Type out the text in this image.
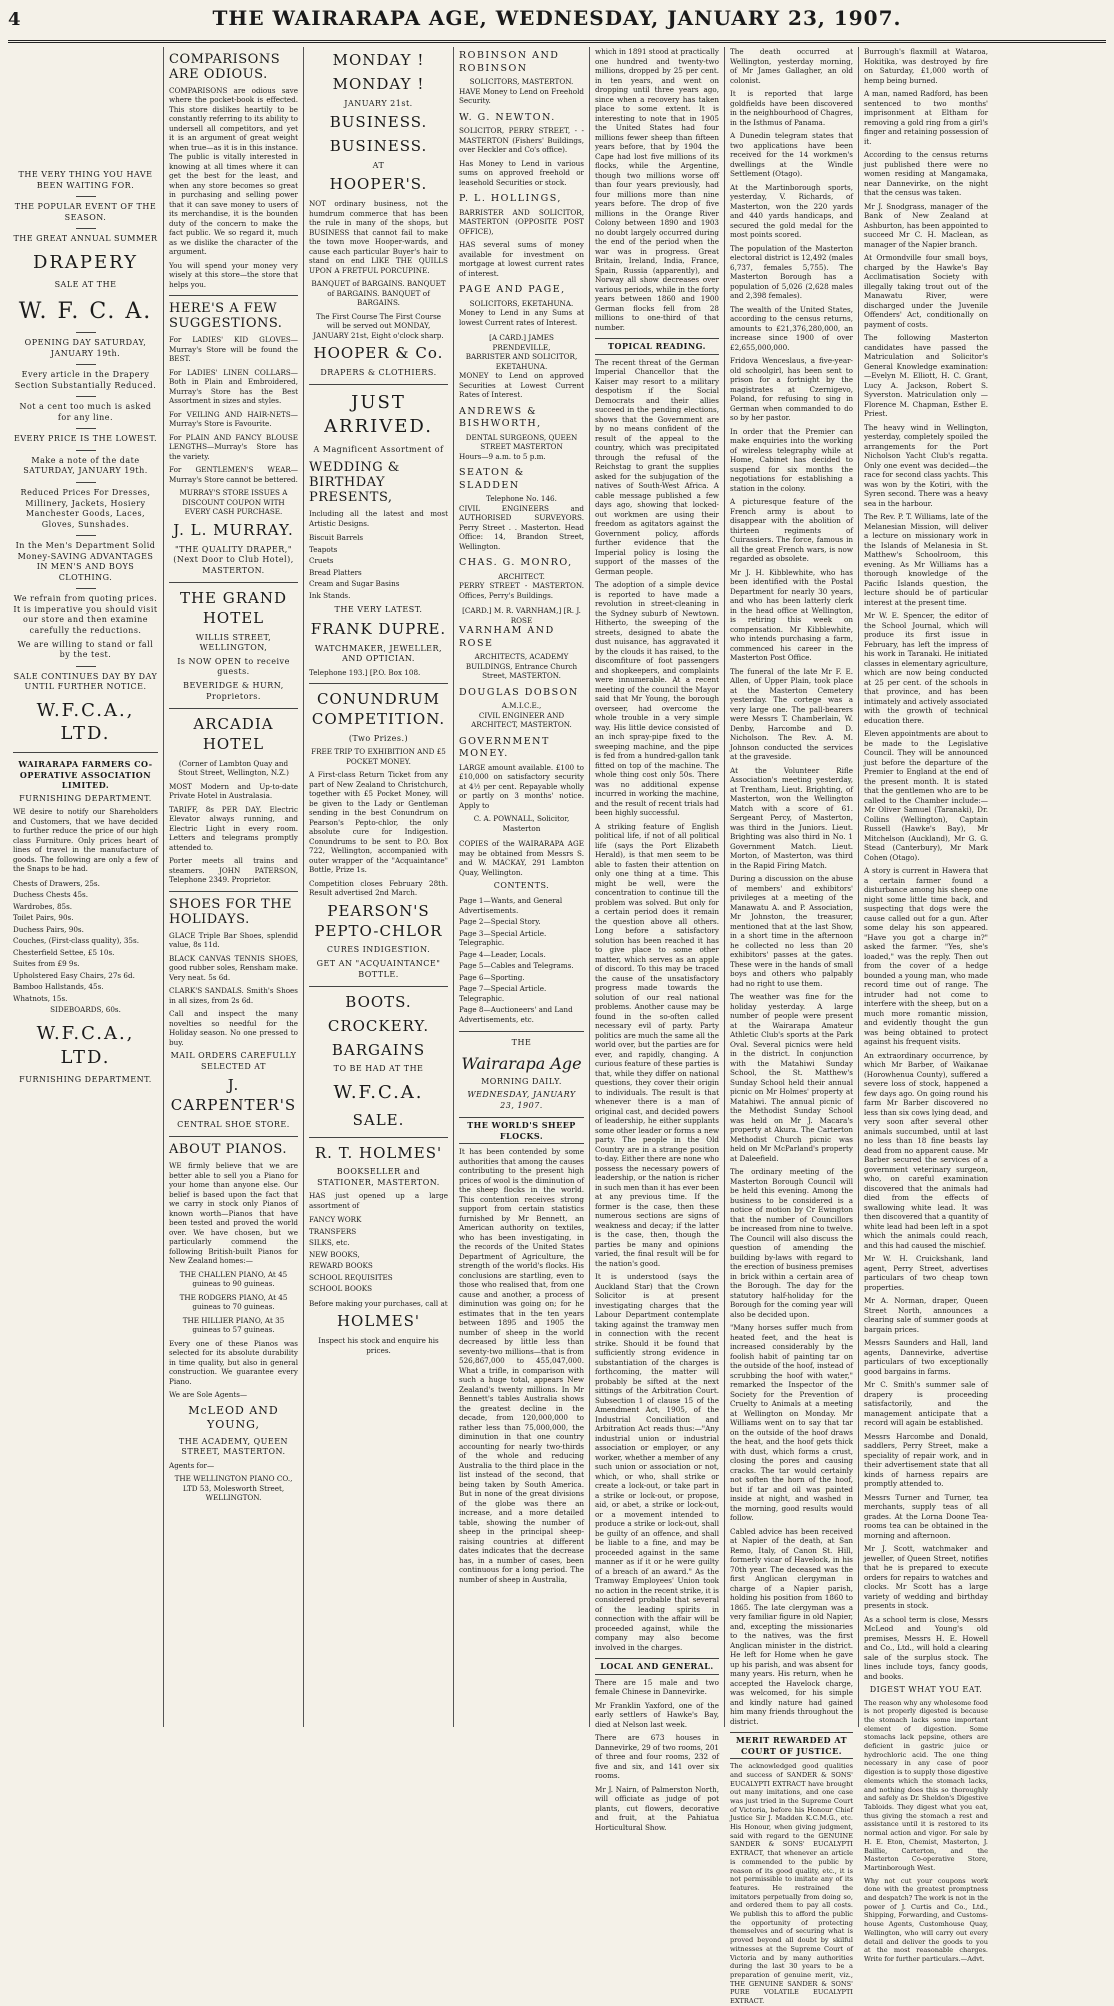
4	THE WAIRARAPA AGE, WEDNESDAY, JANUARY 23, 1907.
THE VERY THING YOU HAVE BEEN WAITING FOR.
THE POPULAR EVENT OF THE SEASON.
THE GREAT ANNUAL SUMMER
DRAPERY
SALE AT THE
W. F. C. A.
OPENING DAY SATURDAY, JANUARY 19th.
Every article in the Drapery Section Substantially Reduced.
Not a cent too much is asked for any line.
EVERY PRICE IS THE LOWEST.
Make a note of the date SATURDAY, JANUARY 19th.
Reduced Prices For Dresses, Millinery, Jackets, Hosiery Manchester Goods, Laces, Gloves, Sunshades.
In the Men's Department Solid Money-SAVING ADVANTAGES IN MEN'S AND BOYS CLOTHING.
We refrain from quoting prices. It is imperative you should visit our store and then examine carefully the reductions.
We are willing to stand or fall by the test.
SALE CONTINUES DAY BY DAY UNTIL FURTHER NOTICE.
W.F.C.A., LTD.
WAIRARAPA FARMERS CO-OPERATIVE ASSOCIATION LIMITED.
FURNISHING DEPARTMENT.

WE desire to notify our Shareholders and Customers, that we have decided to further reduce the price of our high class Furniture. Only prices heart of lines of travel in the manufacture of goods. The following are only a few of the Snaps to be had.

Chests of Drawers, 25s.
Duchess Chests 45s.
Wardrobes, 85s.
Toilet Pairs, 90s.
Duchess Pairs, 90s.
Couches, (First-class quality), 35s.
Chesterfield Settee, £5 10s.
Suites from £9 9s.
Upholstered Easy Chairs, 27s 6d.
Bamboo Hallstands, 45s.
Whatnots, 15s.
SIDEBOARDS, 60s.
W.F.C.A., LTD.
FURNISHING DEPARTMENT.
COMPARISONS ARE ODIOUS.

COMPARISONS are odious save where the pocket-book is effected. This store dislikes heartily to be constantly referring to its ability to undersell all competitors, and yet it is an argument of great weight when true—as it is in this instance. The public is vitally interested in knowing at all times where it can get the best for the least, and when any store becomes so great in purchasing and selling power that it can save money to users of its merchandise, it is the bounden duty of the concern to make the fact public. We so regard it, much as we dislike the character of the argument.

You will spend your money very wisely at this store—the store that helps you.

HERE'S A FEW SUGGESTIONS.

For LADIES' KID GLOVES—Murray's Store will be found the BEST.

For LADIES' LINEN COLLARS—Both in Plain and Embroidered, Murray's Store has the Best Assortment in sizes and styles.

For VEILING AND HAIR-NETS—Murray's Store is Favourite.

For PLAIN AND FANCY BLOUSE LENGTHS—Murray's Store has the variety.

For GENTLEMEN'S WEAR—Murray's Store cannot be bettered.

MURRAY'S STORE ISSUES A DISCOUNT COUPON WITH EVERY CASH PURCHASE.

J. L. MURRAY.
"THE QUALITY DRAPER," (Next Door to Club Hotel), MASTERTON.
THE GRAND HOTEL
WILLIS STREET, WELLINGTON,
Is NOW OPEN to receive guests.
BEVERIDGE & HURN, Proprietors.
ARCADIA HOTEL

(Corner of Lambton Quay and Stout Street, Wellington, N.Z.)

MOST Modern and Up-to-date Private Hotel in Australasia.

TARIFF, 8s PER DAY. Electric Elevator always running, and Electric Light in every room. Letters and telegrams promptly attended to.

Porter meets all trains and steamers. JOHN PATERSON, Telephone 2349. Proprietor.

SHOES FOR THE HOLIDAYS.

GLACE Triple Bar Shoes, splendid value, 8s 11d.

BLACK CANVAS TENNIS SHOES, good rubber soles, Rensham make. Very neat. 5s 6d.

CLARK'S SANDALS. Smith's Shoes in all sizes, from 2s 6d.

Call and inspect the many novelties so needful for the Holiday season. No one pressed to buy.

MAIL ORDERS CAREFULLY SELECTED AT
J. CARPENTER'S
CENTRAL SHOE STORE.
ABOUT PIANOS.

WE firmly believe that we are better able to sell you a Piano for your home than anyone else. Our belief is based upon the fact that we carry in stock only Pianos of known worth—Pianos that have been tested and proved the world over. We have chosen, but we particularly commend the following British-built Pianos for New Zealand homes:—

THE CHALLEN PIANO, At 45 guineas to 90 guineas.

THE RODGERS PIANO, At 45 guineas to 70 guineas.

THE HILLIER PIANO, At 35 guineas to 57 guineas.

Every one of these Pianos was selected for its absolute durability in time quality, but also in general construction. We guarantee every Piano.

We are Sole Agents—

McLEOD AND YOUNG,
THE ACADEMY, QUEEN STREET, MASTERTON.

Agents for—

THE WELLINGTON PIANO CO., LTD 53, Molesworth Street, WELLINGTON.

MONDAY !
MONDAY !
JANUARY 21st.
BUSINESS.
BUSINESS.
AT
HOOPER'S.

NOT ordinary business, not the humdrum commerce that has been the rule in many of the shops, but BUSINESS that cannot fail to make the town move Hooper-wards, and cause each particular Buyer's hair to stand on end LIKE THE QUILLS UPON A FRETFUL PORCUPINE.

BANQUET of BARGAINS. BANQUET of BARGAINS. BANQUET of BARGAINS.

The First Course The First Course will be served out MONDAY, JANUARY 21st, Eight o'clock sharp.

HOOPER & Co.
DRAPERS & CLOTHIERS.
JUST ARRIVED.
A Magnificent Assortment of
WEDDING & BIRTHDAY PRESENTS,

Including all the latest and most Artistic Designs.

Biscuit Barrels
Teapots
Cruets
Bread Platters
Cream and Sugar Basins
Ink Stands.
THE VERY LATEST.
FRANK DUPRE.
WATCHMAKER, JEWELLER, AND OPTICIAN.

Telephone 193.] [P.O. Box 108.

CONUNDRUM COMPETITION.
(Two Prizes.)

FREE TRIP TO EXHIBITION AND £5 POCKET MONEY.

A First-class Return Ticket from any part of New Zealand to Christchurch, together with £5 Pocket Money, will be given to the Lady or Gentleman sending in the best Conundrum on Pearson's Pepto-chlor, the only absolute cure for Indigestion. Conundrums to be sent to P.O. Box 722, Wellington, accompanied with outer wrapper of the "Acquaintance" Bottle, Prize 1s.

Competition closes February 28th. Result advertised 2nd March.

PEARSON'S PEPTO-CHLOR
CURES INDIGESTION.
GET AN "ACQUAINTANCE" BOTTLE.
BOOTS.
CROCKERY.
BARGAINS
TO BE HAD AT THE
W.F.C.A.
SALE.
R. T. HOLMES'
BOOKSELLER and STATIONER, MASTERTON.

HAS just opened up a large assortment of

FANCY WORK
TRANSFERS
SILKS, etc.
NEW BOOKS,
REWARD BOOKS
SCHOOL REQUISITES
SCHOOL BOOKS

Before making your purchases, call at

HOLMES'

Inspect his stock and enquire his prices.

ROBINSON AND ROBINSON
SOLICITORS, MASTERTON.

HAVE Money to Lend on Freehold Security.

W. G. NEWTON.

SOLICITOR, PERRY STREET, - - MASTERTON (Fishers' Buildings, over Heckler and Co's office).

Has Money to Lend in various sums on approved freehold or leasehold Securities or stock.

P. L. HOLLINGS,

BARRISTER AND SOLICITOR, MASTERTON (OPPOSITE POST OFFICE),

HAS several sums of money available for investment on mortgage at lowest current rates of interest.

PAGE AND PAGE,
SOLICITORS, EKETAHUNA.

Money to Lend in any Sums at lowest Current rates of Interest.

[A CARD.] JAMES PRENDEVILLE,
BARRISTER AND SOLICITOR, EKETAHUNA.

MONEY to Lend on approved Securities at Lowest Current Rates of Interest.

ANDREWS & BISHWORTH,
DENTAL SURGEONS, QUEEN STREET MASTERTON

Hours—9 a.m. to 5 p.m.

SEATON & SLADDEN
Telephone No. 146.

CIVIL ENGINEERS and AUTHORISED SURVEYORS. Perry Street . . Masterton. Head Office: 14, Brandon Street, Wellington.

CHAS. G. MONRO,
ARCHITECT.

PERRY STREET - MASTERTON. Offices, Perry's Buildings.

[CARD.] M. R. VARNHAM,] [R. J. ROSE
VARNHAM AND ROSE

ARCHITECTS, ACADEMY BUILDINGS, Entrance Church Street, MASTERTON.

DOUGLAS DOBSON
A.M.I.C.E.,

CIVIL ENGINEER AND ARCHITECT, MASTERTON.

GOVERNMENT MONEY.

LARGE amount available. £100 to £10,000 on satisfactory security at 4½ per cent. Repayable wholly or partly on 3 months' notice. Apply to

C. A. POWNALL, Solicitor, Masterton

COPIES of the WAIRARAPA AGE may be obtained from Messrs S. and W. MACKAY, 291 Lambton Quay, Wellington.

CONTENTS.
Page 1—Wants, and General Advertisements.
Page 2—Special Story.
Page 3—Special Article. Telegraphic.
Page 4—Leader, Locals.
Page 5—Cables and Telegrams.
Page 6—Sporting.
Page 7—Special Article. Telegraphic.
Page 8—Auctioneers' and Land Advertisements, etc.
THE
Wairarapa Age
MORNING DAILY.
WEDNESDAY, JANUARY 23, 1907.
THE WORLD'S SHEEP FLOCKS.

It has been contended by some authorities that among the causes contributing to the present high prices of wool is the diminution of the sheep flocks in the world. This contention receives strong support from certain statistics furnished by Mr Bennett, an American authority on textiles, who has been investigating, in the records of the United States Department of Agriculture, the strength of the world's flocks. His conclusions are startling, even to those who realised that, from one cause and another, a process of diminution was going on; for he estimates that in the ten years between 1895 and 1905 the number of sheep in the world decreased by little less than seventy-two millions—that is from 526,867,000 to 455,047,000. What a trifle, in comparison with such a huge total, appears New Zealand's twenty millions. In Mr Bennett's tables Australia shows the greatest decline in the decade, from 120,000,000 to rather less than 75,000,000, the diminution in that one country accounting for nearly two-thirds of the whole and reducing Australia to the third place in the list instead of the second, that being taken by South America. But in none of the great divisions of the globe was there an increase, and a more detailed table, showing the number of sheep in the principal sheep-raising countries at different dates indicates that the decrease has, in a number of cases, been continuous for a long period. The number of sheep in Australia,

which in 1891 stood at practically one hundred and twenty-two millions, dropped by 25 per cent. in ten years, and went on dropping until three years ago, since when a recovery has taken place to some extent. It is interesting to note that in 1905 the United States had four millions fewer sheep than fifteen years before, that by 1904 the Cape had lost five millions of its flocks, while the Argentine, though two millions worse off than four years previously, had four millions more than nine years before. The drop of five millions in the Orange River Colony between 1890 and 1903 no doubt largely occurred during the end of the period when the war was in progress. Great Britain, Ireland, India, France, Spain, Russia (apparently), and Norway all show decreases over various periods, while in the forty years between 1860 and 1900 German flocks fell from 28 millions to one-third of that number.

TOPICAL READING.

The recent threat of the German Imperial Chancellor that the Kaiser may resort to a military despotism if the Social Democrats and their allies succeed in the pending elections, shows that the Government are by no means confident of the result of the appeal to the country, which was precipitated through the refusal of the Reichstag to grant the supplies asked for the subjugation of the natives of South-West Africa. A cable message published a few days ago, showing that locked-out workmen are using their freedom as agitators against the Government policy, affords further evidence that the Imperial policy is losing the support of the masses of the German people.

The adoption of a simple device is reported to have made a revolution in street-cleaning in the Sydney suburb of Newtown. Hitherto, the sweeping of the streets, designed to abate the dust nuisance, has aggravated it by the clouds it has raised, to the discomfiture of foot passengers and shopkeepers, and complaints were innumerable. At a recent meeting of the council the Mayor said that Mr Young, the borough overseer, had overcome the whole trouble in a very simple way. His little device consisted of an inch spray-pipe fixed to the sweeping machine, and the pipe is fed from a hundred-gallon tank fitted on top of the machine. The whole thing cost only 50s. There was no additional expense incurred in working the machine, and the result of recent trials had been highly successful.

A striking feature of English political life, if not of all political life (says the Port Elizabeth Herald), is that men seem to be able to fasten their attention on only one thing at a time. This might be well, were the concentration to continue till the problem was solved. But only for a certain period does it remain the question above all others. Long before a satisfactory solution has been reached it has to give place to some other matter, which serves as an apple of discord. To this may be traced the cause of the unsatisfactory progress made towards the solution of our real national problems. Another cause may be found in the so-often called necessary evil of party. Party politics are much the same all the world over, but the parties are for ever, and rapidly, changing. A curious feature of these parties is that, while they differ on national questions, they cover their origin to individuals. The result is that whenever there is a man of original cast, and decided powers of leadership, he either supplants some other leader or forms a new party. The people in the Old Country are in a strange position to-day. Either there are none who possess the necessary powers of leadership, or the nation is richer in such men than it has ever been at any previous time. If the former is the case, then these numerous sections are signs of weakness and decay; if the latter is the case, then, though the parties be many and opinions varied, the final result will be for the nation's good.

It is understood (says the Auckland Star) that the Crown Solicitor is at present investigating charges that the Labour Department contemplate taking against the tramway men in connection with the recent strike. Should it be found that sufficiently strong evidence in substantiation of the charges is forthcoming, the matter will probably be sifted at the next sittings of the Arbitration Court. Subsection 1 of clause 15 of the Amendment Act, 1905, of the Industrial Conciliation and Arbitration Act reads thus:—"Any industrial union or industrial association or employer, or any worker, whether a member of any such union or association or not, which, or who, shall strike or create a lock-out, or take part in a strike or lock-out, or propose, aid, or abet, a strike or lock-out, or a movement intended to produce a strike or lock-out, shall be guilty of an offence, and shall be liable to a fine, and may be proceeded against in the same manner as if it or he were guilty of a breach of an award." As the Tramway Employees' Union took no action in the recent strike, it is considered probable that several of the leading spirits in connection with the affair will be proceeded against, while the company may also become involved in the charges.

LOCAL AND GENERAL.

There are 15 male and two female Chinese in Dannevirke.

Mr Franklin Yaxford, one of the early settlers of Hawke's Bay, died at Nelson last week.

There are 673 houses in Dannevirke, 29 of two rooms, 201 of three and four rooms, 232 of five and six, and 141 over six rooms.

Mr J. Nairn, of Palmerston North, will officiate as judge of pot plants, cut flowers, decorative and fruit, at the Pahiatua Horticultural Show.

The death occurred at Wellington, yesterday morning, of Mr James Gallagher, an old colonist.

It is reported that large goldfields have been discovered in the neighbourhood of Chagres, in the Isthmus of Panama.

A Dunedin telegram states that two applications have been received for the 14 workmen's dwellings at the Windle Settlement (Otago).

At the Martinborough sports, yesterday, V. Richards, of Masterton, won the 220 yards and 440 yards handicaps, and secured the gold medal for the most points scored.

The population of the Masterton electoral district is 12,492 (males 6,737, females 5,755). The Masterton Borough has a population of 5,026 (2,628 males and 2,398 females).

The wealth of the United States, according to the census returns, amounts to £21,376,280,000, an increase since 1900 of over £2,655,000,000.

Fridova Wenceslaus, a five-year-old schoolgirl, has been sent to prison for a fortnight by the magistrates at Czernigevo, Poland, for refusing to sing in German when commanded to do so by her pastor.

In order that the Premier can make enquiries into the working of wireless telegraphy while at Home, Cabinet has decided to suspend for six months the negotiations for establishing a station in the colony.

A picturesque feature of the French army is about to disappear with the abolition of thirteen regiments of Cuirassiers. The force, famous in all the great French wars, is now regarded as obsolete.

Mr J. H. Kibblewhite, who has been identified with the Postal Department for nearly 30 years, and who has been latterly clerk in the head office at Wellington, is retiring this week on compensation. Mr Kibblewhite, who intends purchasing a farm, commenced his career in the Masterton Post Office.

The funeral of the late Mr F. E. Allen, of Upper Plain, took place at the Masterton Cemetery yesterday. The cortege was a very large one. The pall-bearers were Messrs T. Chamberlain, W. Denby, Harcombe and D. Nicholson. The Rev. A. M. Johnson conducted the services at the graveside.

At the Volunteer Rifle Association's meeting yesterday, at Trentham, Lieut. Brighting, of Masterton, won the Wellington Match with a score of 61. Sergeant Percy, of Masterton, was third in the Juniors. Lieut. Brighting was also third in No. 1 Government Match. Lieut. Morton, of Masterton, was third in the Rapid Firing Match.

During a discussion on the abuse of members' and exhibitors' privileges at a meeting of the Manawatu A. and P. Association, Mr Johnston, the treasurer, mentioned that at the last Show, in a short time in the afternoon he collected no less than 20 exhibitors' passes at the gates. These were in the hands of small boys and others who palpably had no right to use them.

The weather was fine for the holiday yesterday. A large number of people were present at the Wairarapa Amateur Athletic Club's sports at the Park Oval. Several picnics were held in the district. In conjunction with the Matahiwi Sunday School, the St. Matthew's Sunday School held their annual picnic on Mr Holmes' property at Matahiwi. The annual picnic of the Methodist Sunday School was held on Mr J. Macara's property at Akura. The Carterton Methodist Church picnic was held on Mr McParland's property at Daleefield.

The ordinary meeting of the Masterton Borough Council will be held this evening. Among the business to be considered is a notice of motion by Cr Ewington that the number of Councillors be increased from nine to twelve. The Council will also discuss the question of amending the building by-laws with regard to the erection of business premises in brick within a certain area of the Borough. The day for the statutory half-holiday for the Borough for the coming year will also be decided upon.

"Many horses suffer much from heated feet, and the heat is increased considerably by the foolish habit of painting tar on the outside of the hoof, instead of scrubbing the hoof with water," remarked the Inspector of the Society for the Prevention of Cruelty to Animals at a meeting at Wellington on Monday. Mr Williams went on to say that tar on the outside of the hoof draws the heat, and the hoof gets thick with dust, which forms a crust, closing the pores and causing cracks. The tar would certainly not soften the horn of the hoof, but if tar and oil was painted inside at night, and washed in the morning, good results would follow.

Cabled advice has been received at Napier of the death, at San Remo, Italy, of Canon St. Hill, formerly vicar of Havelock, in his 70th year. The deceased was the first Anglican clergyman in charge of a Napier parish, holding his position from 1860 to 1865. The late clergyman was a very familiar figure in old Napier, and, excepting the missionaries to the natives, was the first Anglican minister in the district. He left for Home when he gave up his parish, and was absent for many years. His return, when he accepted the Havelock charge, was welcomed, for his simple and kindly nature had gained him many friends throughout the district.

MERIT REWARDED AT COURT OF JUSTICE.

The acknowledged good qualities and success of SANDER & SONS' EUCALYPTI EXTRACT have brought out many imitations, and one case was just tried in the Supreme Court of Victoria, before his Honour Chief Justice Sir J. Madden K.C.M.G., etc. His Honour, when giving judgment, said with regard to the GENUINE SANDER & SONS' EUCALYPTI EXTRACT, that whenever an article is commended to the public by reason of its good quality, etc., it is not permissible to imitate any of its features. He restrained the imitators perpetually from doing so, and ordered them to pay all costs. We publish this to afford the public the opportunity of protecting themselves and of securing what is proved beyond all doubt by skilful witnesses at the Supreme Court of Victoria and by many authorities during the last 30 years to be a preparation of genuine merit, viz., THE GENUINE SANDER & SONS' PURE VOLATILE EUCALYPTI EXTRACT.

Burrough's flaxmill at Wataroa, Hokitika, was destroyed by fire on Saturday, £1,000 worth of hemp being burned.

A man, named Radford, has been sentenced to two months' imprisonment at Eltham for removing a gold ring from a girl's finger and retaining possession of it.

According to the census returns just published there were no women residing at Mangamaka, near Dannevirke, on the night that the census was taken.

Mr J. Snodgrass, manager of the Bank of New Zealand at Ashburton, has been appointed to succeed Mr C. H. Maclean, as manager of the Napier branch.

At Ormondville four small boys, charged by the Hawke's Bay Acclimatisation Society with illegally taking trout out of the Manawatu River, were discharged under the Juvenile Offenders' Act, conditionally on payment of costs.

The following Masterton candidates have passed the Matriculation and Solicitor's General Knowledge examination:—Evelyn M. Elliott, H. C. Grant, Lucy A. Jackson, Robert S. Syverston. Matriculation only — Florence M. Chapman, Esther E. Priest.

The heavy wind in Wellington, yesterday, completely spoiled the arrangements for the Port Nicholson Yacht Club's regatta. Only one event was decided—the race for second class yachts. This was won by the Kotiri, with the Syren second. There was a heavy sea in the harbour.

The Rev. P. T. Williams, late of the Melanesian Mission, will deliver a lecture on missionary work in the Islands of Melanesia in St. Matthew's Schoolroom, this evening. As Mr Williams has a thorough knowledge of the Pacific Islands question, the lecture should be of particular interest at the present time.

Mr W. E. Spencer, the editor of the School Journal, which will produce its first issue in February, has left the impress of his work in Taranaki. He initiated classes in elementary agriculture, which are now being conducted at 25 per cent. of the schools in that province, and has been intimately and actively associated with the growth of technical education there.

Eleven appointments are about to be made to the Legislative Council. They will be announced just before the departure of the Premier to England at the end of the present month. It is stated that the gentlemen who are to be called to the Chamber include:— Mr Oliver Samuel (Taranaki), Dr. Collins (Wellington), Captain Russell (Hawke's Bay), Mr Mitchelson (Auckland), Mr G. G. Stead (Canterbury), Mr Mark Cohen (Otago).

A story is current in Hawera that a certain farmer found a disturbance among his sheep one night some little time back, and suspecting that dogs were the cause called out for a gun. After some delay his son appeared. "Have you got a charge in?" asked the farmer. "Yes, she's loaded," was the reply. Then out from the cover of a hedge bounded a young man, who made record time out of range. The intruder had not come to interfere with the sheep, but on a much more romantic mission, and evidently thought the gun was being obtained to protect against his frequent visits.

An extraordinary occurrence, by which Mr Barber, of Waikanae (Horowhenua County), suffered a severe loss of stock, happened a few days ago. On going round his farm Mr Barber discovered no less than six cows lying dead, and very soon after several other animals succumbed, until at last no less than 18 fine beasts lay dead from no apparent cause. Mr Barber secured the services of a government veterinary surgeon, who, on careful examination discovered that the animals had died from the effects of swallowing white lead. It was then discovered that a quantity of white lead had been left in a spot which the animals could reach, and this had caused the mischief.

Mr W. H. Cruickshank, land agent, Perry Street, advertises particulars of two cheap town properties.

Mr A. Norman, draper, Queen Street North, announces a clearing sale of summer goods at bargain prices.

Messrs Saunders and Hall, land agents, Dannevirke, advertise particulars of two exceptionally good bargains in farms.

Mr C. Smith's summer sale of drapery is proceeding satisfactorily, and the management anticipate that a record will again be established.

Messrs Harcombe and Donald, saddlers, Perry Street, make a speciality of repair work, and in their advertisement state that all kinds of harness repairs are promptly attended to.

Messrs Turner and Turner, tea merchants, supply teas of all grades. At the Lorna Doone Tea-rooms tea can be obtained in the morning and afternoon.

Mr J. Scott, watchmaker and jeweller, of Queen Street, notifies that he is prepared to execute orders for repairs to watches and clocks. Mr Scott has a large variety of wedding and birthday presents in stock.

As a school term is close, Messrs McLeod and Young's old premises, Messrs H. E. Howell and Co., Ltd., will hold a clearing sale of the surplus stock. The lines include toys, fancy goods, and books.

DIGEST WHAT YOU EAT.

The reason why any wholesome food is not properly digested is because the stomach lacks some important element of digestion. Some stomachs lack pepsine, others are deficient in gastric juice or hydrochloric acid. The one thing necessary in any case of poor digestion is to supply those digestive elements which the stomach lacks, and nothing does this so thoroughly and safely as Dr. Sheldon's Digestive Tabloids. They digest what you eat, thus giving the stomach a rest and assistance until it is restored to its normal action and vigor. For sale by H. E. Eton, Chemist, Masterton, J. Baillie, Carterton, and the Masterton Co-operative Store, Martinborough West.

Why not cut your coupons work done with the greatest promptness and despatch? The work is not in the power of J. Curtis and Co., Ltd., Shipping, Forwarding, and Customs-house Agents, Customhouse Quay, Wellington, who will carry out every detail and deliver the goods to you at the most reasonable charges. Write for further particulars.—Advt.
